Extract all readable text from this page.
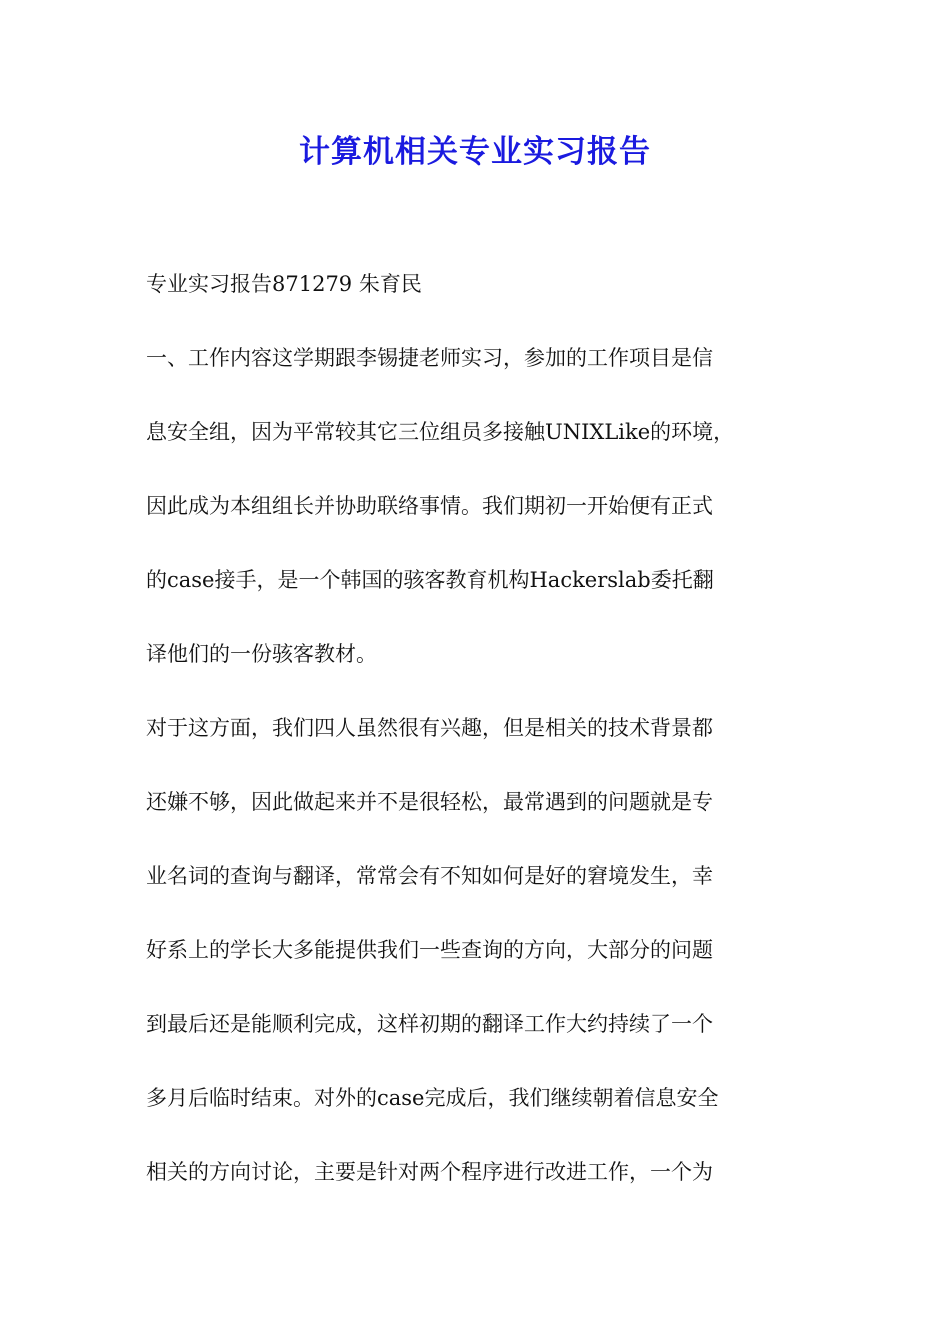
计算机相关专业实习报告

专业实习报告871279 朱育民

一、工作内容这学期跟李锡捷老师实习，参加的工作项目是信

息安全组，因为平常较其它三位组员多接触UNIXLike的环境，

因此成为本组组长并协助联络事情。我们期初一开始便有正式

的case接手，是一个韩国的骇客教育机构Hackerslab委托翻

译他们的一份骇客教材。

对于这方面，我们四人虽然很有兴趣，但是相关的技术背景都

还嫌不够，因此做起来并不是很轻松，最常遇到的问题就是专

业名词的查询与翻译，常常会有不知如何是好的窘境发生，幸

好系上的学长大多能提供我们一些查询的方向，大部分的问题

到最后还是能顺利完成，这样初期的翻译工作大约持续了一个

多月后临时结束。对外的case完成后，我们继续朝着信息安全

相关的方向讨论，主要是针对两个程序进行改进工作，一个为
